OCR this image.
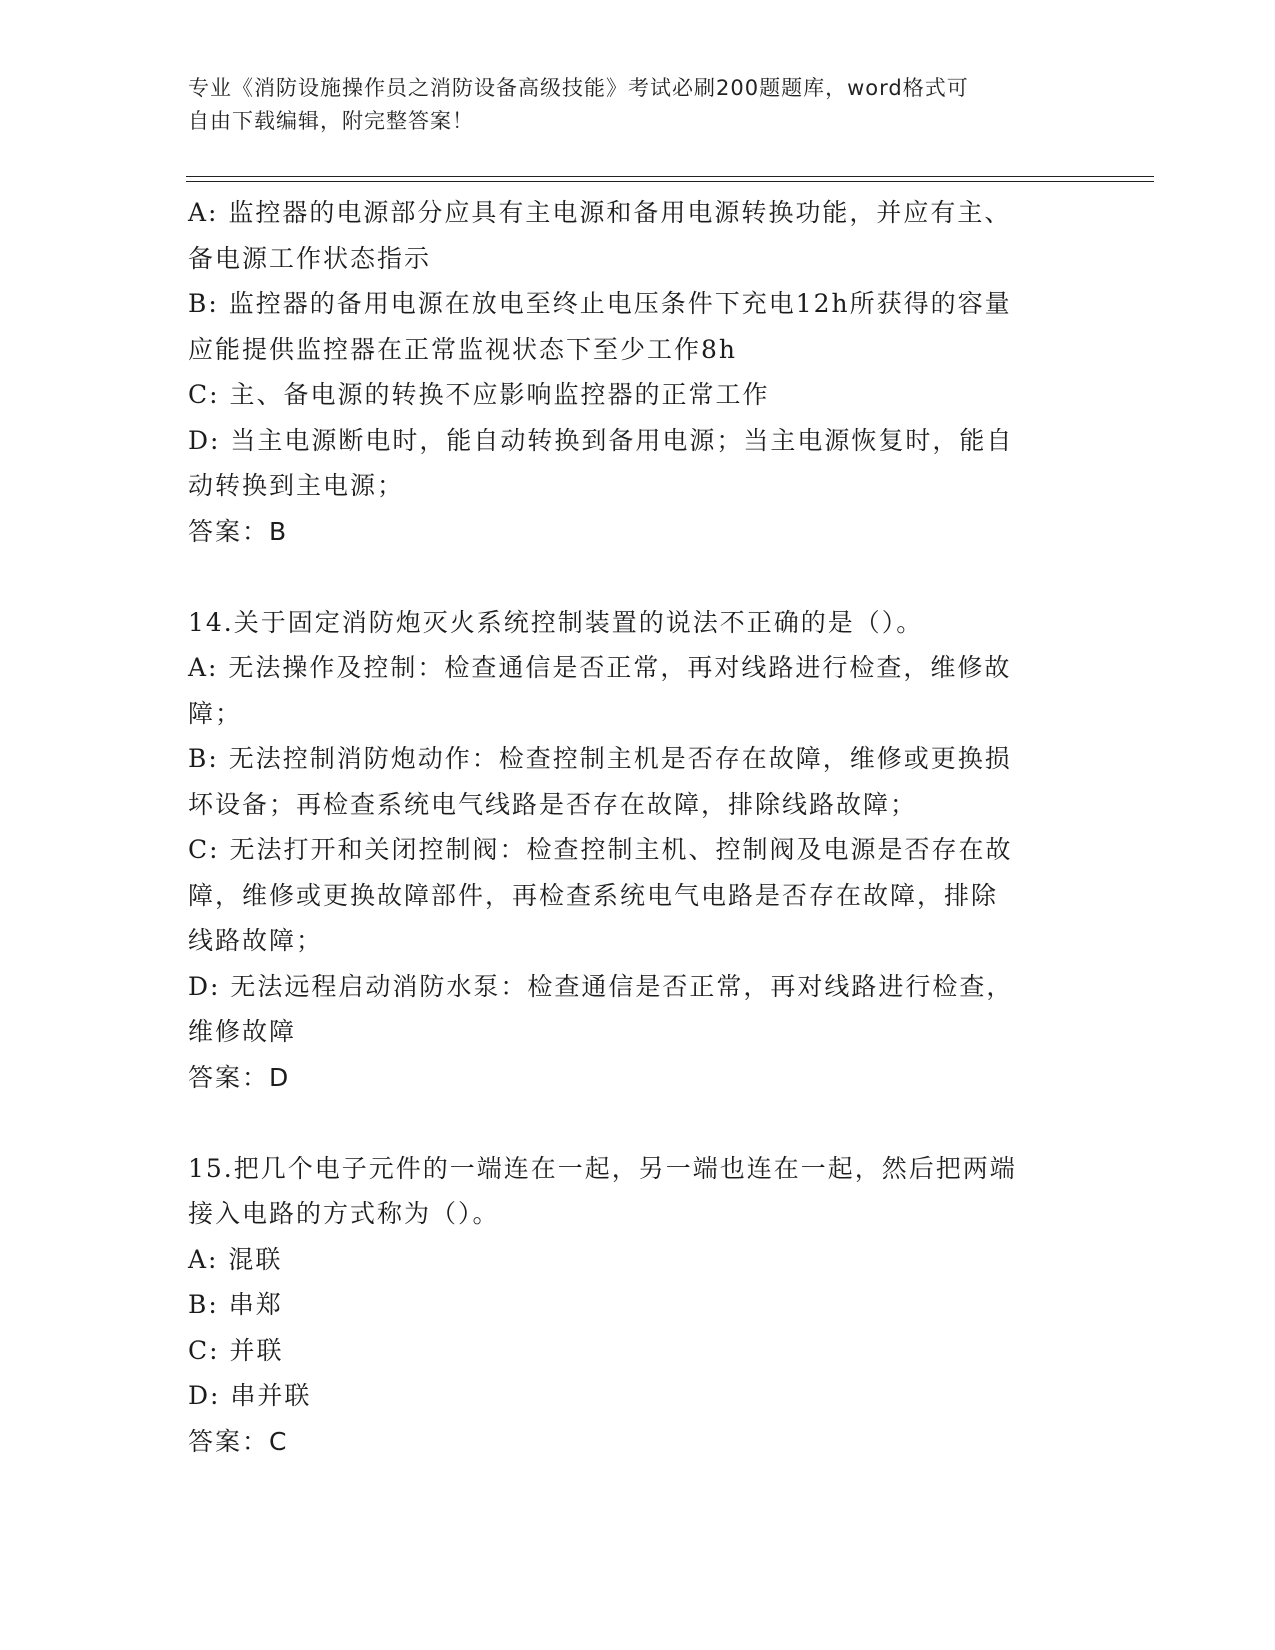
专业《消防设施操作员之消防设备高级技能》考试必刷200题题库，word格式可
自由下载编辑，附完整答案！
A: 监控器的电源部分应具有主电源和备用电源转换功能，并应有主、
备电源工作状态指示
B: 监控器的备用电源在放电至终止电压条件下充电12h所获得的容量
应能提供监控器在正常监视状态下至少工作8h
C: 主、备电源的转换不应影响监控器的正常工作
D: 当主电源断电时，能自动转换到备用电源；当主电源恢复时，能自
动转换到主电源；
答案：B
14.关于固定消防炮灭火系统控制装置的说法不正确的是（）。
A: 无法操作及控制：检查通信是否正常，再对线路进行检查，维修故
障；
B: 无法控制消防炮动作：检查控制主机是否存在故障，维修或更换损
坏设备；再检查系统电气线路是否存在故障，排除线路故障；
C: 无法打开和关闭控制阀：检查控制主机、控制阀及电源是否存在故
障，维修或更换故障部件，再检查系统电气电路是否存在故障，排除
线路故障；
D: 无法远程启动消防水泵：检查通信是否正常，再对线路进行检查，
维修故障
答案：D
15.把几个电子元件的一端连在一起，另一端也连在一起，然后把两端
接入电路的方式称为（）。
A: 混联
B: 串郑
C: 并联
D: 串并联
答案：C
